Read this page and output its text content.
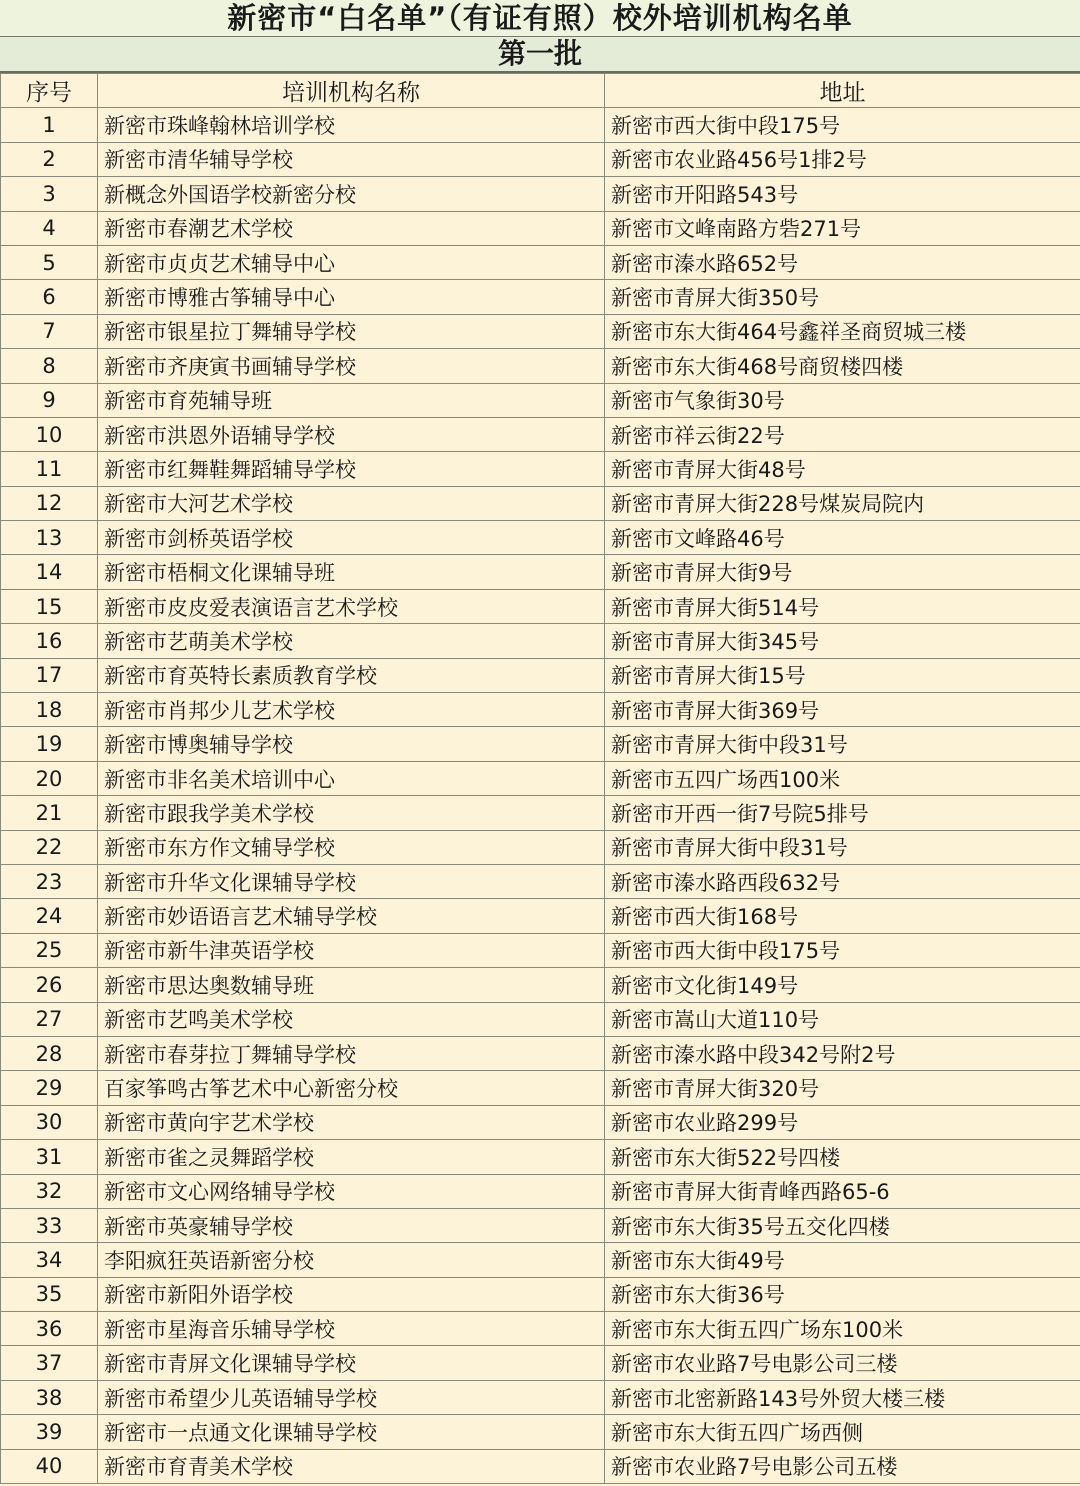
新密市“白名单”（有证有照）校外培训机构名单
第一批
序号	培训机构名称	地址
1	新密市珠峰翰林培训学校	新密市西大街中段175号
2	新密市清华辅导学校	新密市农业路456号1排2号
3	新概念外国语学校新密分校	新密市开阳路543号
4	新密市春潮艺术学校	新密市文峰南路方砦271号
5	新密市贞贞艺术辅导中心	新密市溱水路652号
6	新密市博雅古筝辅导中心	新密市青屏大街350号
7	新密市银星拉丁舞辅导学校	新密市东大街464号鑫祥圣商贸城三楼
8	新密市齐庚寅书画辅导学校	新密市东大街468号商贸楼四楼
9	新密市育苑辅导班	新密市气象街30号
10	新密市洪恩外语辅导学校	新密市祥云街22号
11	新密市红舞鞋舞蹈辅导学校	新密市青屏大街48号
12	新密市大河艺术学校	新密市青屏大街228号煤炭局院内
13	新密市剑桥英语学校	新密市文峰路46号
14	新密市梧桐文化课辅导班	新密市青屏大街9号
15	新密市皮皮爱表演语言艺术学校	新密市青屏大街514号
16	新密市艺萌美术学校	新密市青屏大街345号
17	新密市育英特长素质教育学校	新密市青屏大街15号
18	新密市肖邦少儿艺术学校	新密市青屏大街369号
19	新密市博奥辅导学校	新密市青屏大街中段31号
20	新密市非名美术培训中心	新密市五四广场西100米
21	新密市跟我学美术学校	新密市开西一街7号院5排号
22	新密市东方作文辅导学校	新密市青屏大街中段31号
23	新密市升华文化课辅导学校	新密市溱水路西段632号
24	新密市妙语语言艺术辅导学校	新密市西大街168号
25	新密市新牛津英语学校	新密市西大街中段175号
26	新密市思达奥数辅导班	新密市文化街149号
27	新密市艺鸣美术学校	新密市嵩山大道110号
28	新密市春芽拉丁舞辅导学校	新密市溱水路中段342号附2号
29	百家筝鸣古筝艺术中心新密分校	新密市青屏大街320号
30	新密市黄向宇艺术学校	新密市农业路299号
31	新密市雀之灵舞蹈学校	新密市东大街522号四楼
32	新密市文心网络辅导学校	新密市青屏大街青峰西路65-6
33	新密市英豪辅导学校	新密市东大街35号五交化四楼
34	李阳疯狂英语新密分校	新密市东大街49号
35	新密市新阳外语学校	新密市东大街36号
36	新密市星海音乐辅导学校	新密市东大街五四广场东100米
37	新密市青屏文化课辅导学校	新密市农业路7号电影公司三楼
38	新密市希望少儿英语辅导学校	新密市北密新路143号外贸大楼三楼
39	新密市一点通文化课辅导学校	新密市东大街五四广场西侧
40	新密市育青美术学校	新密市农业路7号电影公司五楼
